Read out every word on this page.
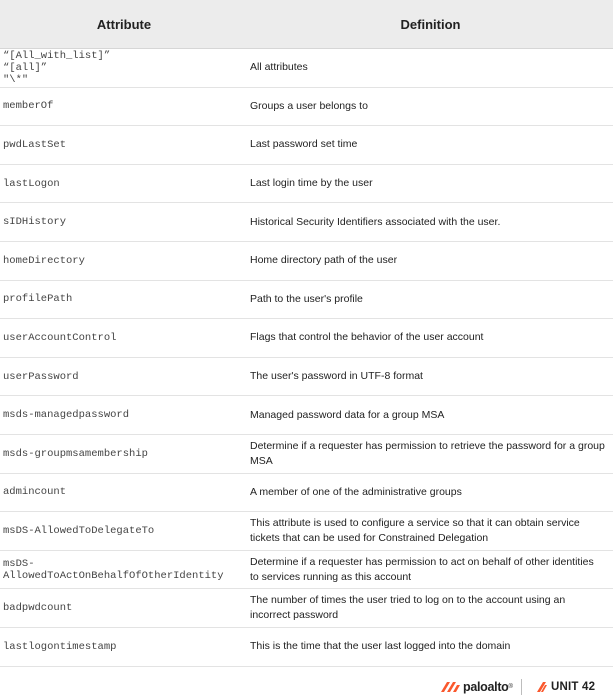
Attribute	Definition

“[All_with_list]”
“[all]”
"\*"	All attributes

memberOf	Groups a user belongs to

pwdLastSet	Last password set time

lastLogon	Last login time by the user

sIDHistory	Historical Security Identifiers associated with the user.

homeDirectory	Home directory path of the user

profilePath	Path to the user's profile

userAccountControl	Flags that control the behavior of the user account

userPassword	The user's password in UTF-8 format

msds-managedpassword	Managed password data for a group MSA

msds-groupmsamembership	Determine if a requester has permission to retrieve the password for a group MSA

admincount	A member of one of the administrative groups

msDS-AllowedToDelegateTo	This attribute is used to configure a service so that it can obtain service tickets that can be used for Constrained Delegation

msDS-AllowedToActOnBehalfOfOtherIdentity	Determine if a requester has permission to act on behalf of other identities to services running as this account

badpwdcount	The number of times the user tried to log on to the account using an incorrect password

lastlogontimestamp	This is the time that the user last logged into the domain
paloalto ®	UNIT 42
